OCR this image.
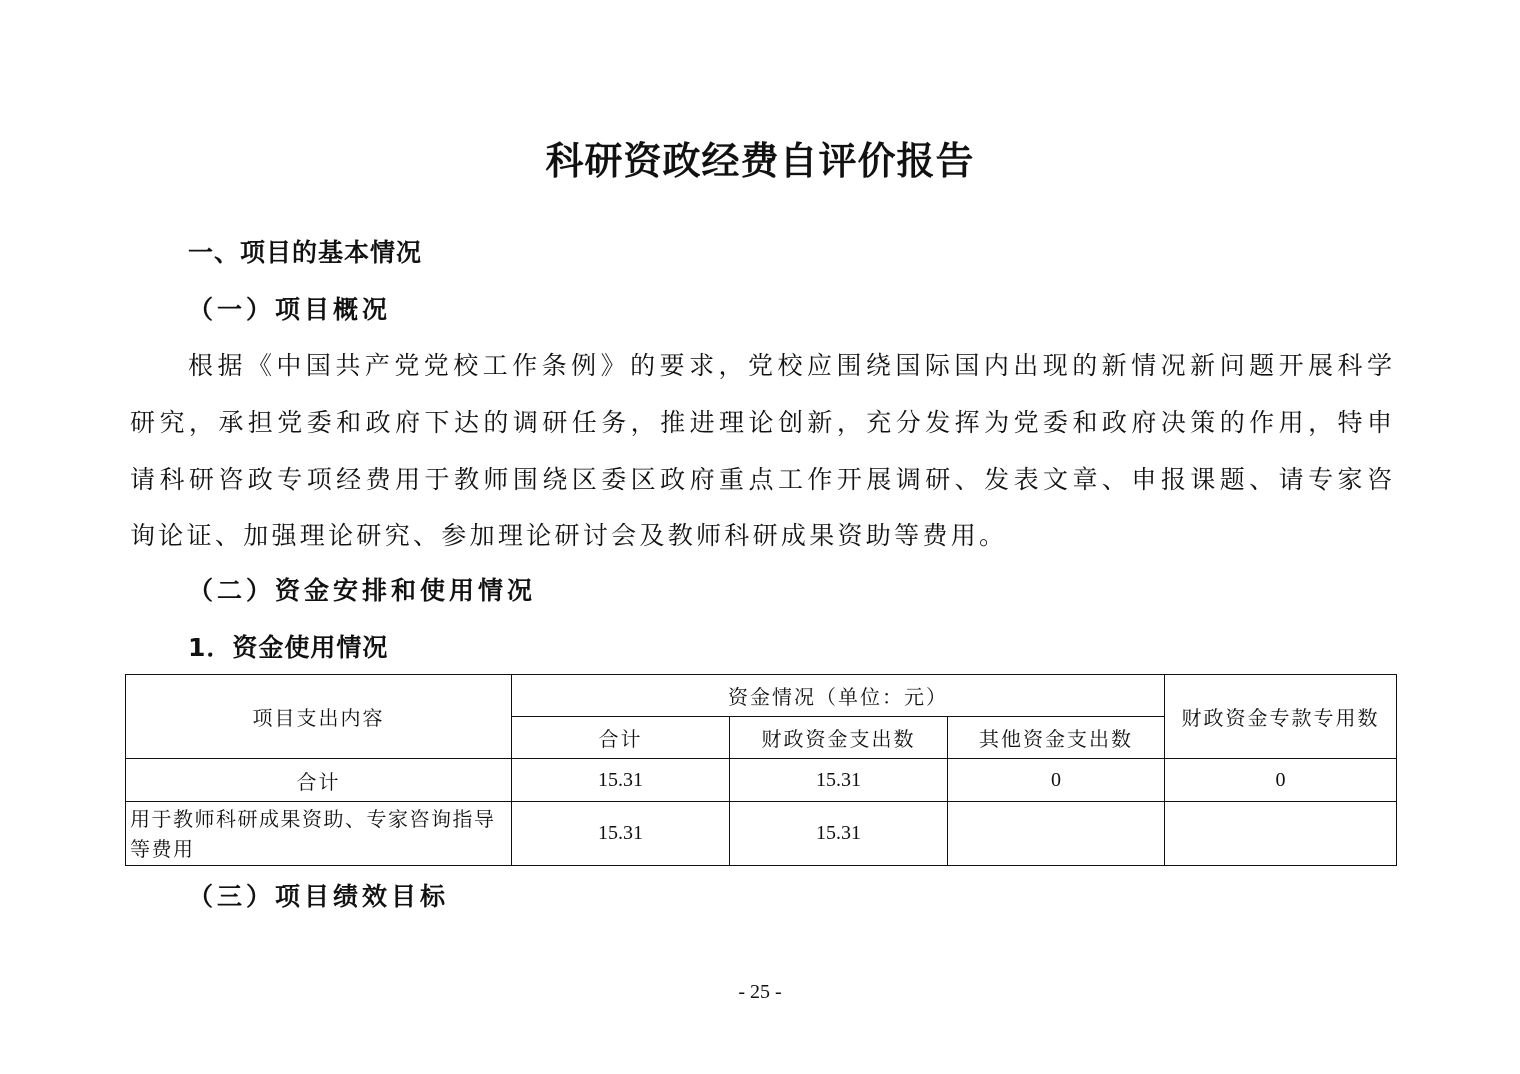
科研资政经费自评价报告
一、项目的基本情况
（一）项目概况
根据《中国共产党党校工作条例》的要求，党校应围绕国际国内出现的新情况新问题开展科学
研究，承担党委和政府下达的调研任务，推进理论创新，充分发挥为党委和政府决策的作用，特申
请科研咨政专项经费用于教师围绕区委区政府重点工作开展调研、发表文章、申报课题、请专家咨
询论证、加强理论研究、参加理论研讨会及教师科研成果资助等费用。
（二）资金安排和使用情况
1．资金使用情况
项目支出内容	资金情况（单位：元）			财政资金专款专用数
	合计	财政资金支出数	其他资金支出数	
合计	15.31	15.31	0	0
用于教师科研成果资助、专家咨询指导等费用	15.31	15.31		
（三）项目绩效目标
- 25 -
